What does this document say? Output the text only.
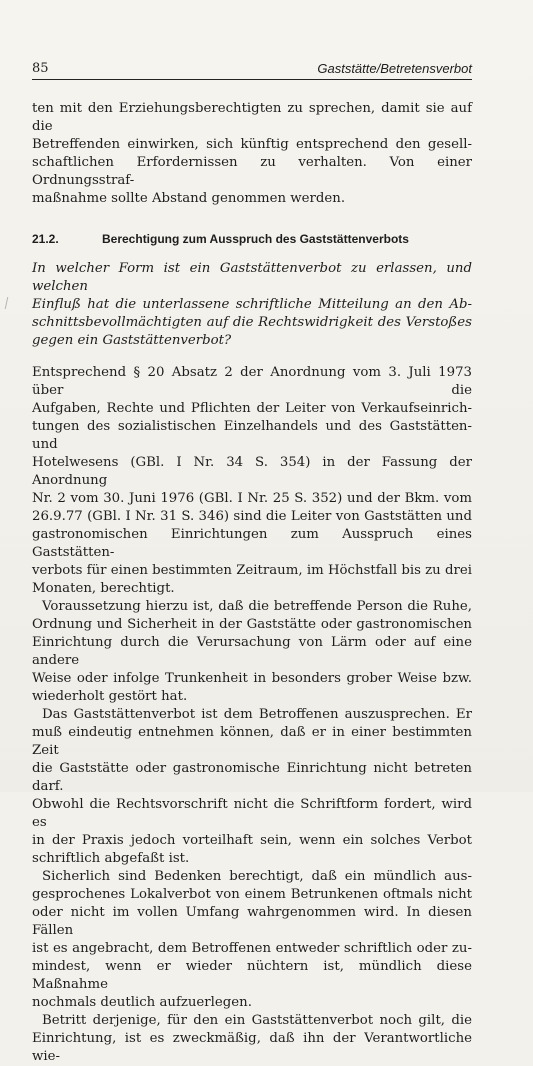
85	Gaststätte/Betretensverbot
ten mit den Erziehungsberechtigten zu sprechen, damit sie auf die
Betreffenden einwirken, sich künftig entsprechend den gesell-
schaftlichen Erfordernissen zu verhalten. Von einer Ordnungsstraf-
maßnahme sollte Abstand genommen werden.
21.2.	Berechtigung zum Ausspruch des Gaststättenverbots
In welcher Form ist ein Gaststättenverbot zu erlassen, und welchen
Einfluß hat die unterlassene schriftliche Mitteilung an den Ab-
schnittsbevollmächtigten auf die Rechtswidrigkeit des Verstoßes
gegen ein Gaststättenverbot?
Entsprechend § 20 Absatz 2 der Anordnung vom 3. Juli 1973 über die
Aufgaben, Rechte und Pflichten der Leiter von Verkaufseinrich-
tungen des sozialistischen Einzelhandels und des Gaststätten- und
Hotelwesens (GBl. I Nr. 34 S. 354) in der Fassung der Anordnung
Nr. 2 vom 30. Juni 1976 (GBl. I Nr. 25 S. 352) und der Bkm. vom
26.9.77 (GBl. I Nr. 31 S. 346) sind die Leiter von Gaststätten und
gastronomischen Einrichtungen zum Ausspruch eines Gaststätten-
verbots für einen bestimmten Zeitraum, im Höchstfall bis zu drei
Monaten, berechtigt.
Voraussetzung hierzu ist, daß die betreffende Person die Ruhe,
Ordnung und Sicherheit in der Gaststätte oder gastronomischen
Einrichtung durch die Verursachung von Lärm oder auf eine andere
Weise oder infolge Trunkenheit in besonders grober Weise bzw.
wiederholt gestört hat.
Das Gaststättenverbot ist dem Betroffenen auszusprechen. Er
muß eindeutig entnehmen können, daß er in einer bestimmten Zeit
die Gaststätte oder gastronomische Einrichtung nicht betreten darf.
Obwohl die Rechtsvorschrift nicht die Schriftform fordert, wird es
in der Praxis jedoch vorteilhaft sein, wenn ein solches Verbot
schriftlich abgefaßt ist.
Sicherlich sind Bedenken berechtigt, daß ein mündlich aus-
gesprochenes Lokalverbot von einem Betrunkenen oftmals nicht
oder nicht im vollen Umfang wahrgenommen wird. In diesen Fällen
ist es angebracht, dem Betroffenen entweder schriftlich oder zu-
mindest, wenn er wieder nüchtern ist, mündlich diese Maßnahme
nochmals deutlich aufzuerlegen.
Betritt derjenige, für den ein Gaststättenverbot noch gilt, die
Einrichtung, ist es zweckmäßig, daß ihn der Verantwortliche wie-
